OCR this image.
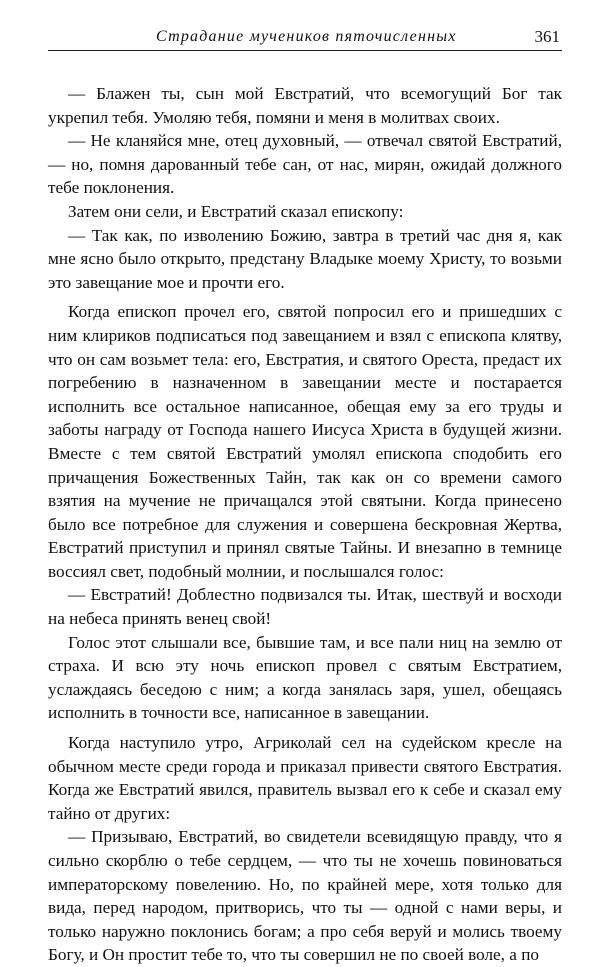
Страдание мучеников пяточисленных	361

— Блажен ты, сын мой Евстратий, что всемогущий Бог так укрепил тебя. Умоляю тебя, помяни и меня в молитвах своих.

— Не кланяйся мне, отец духовный, — отвечал святой Евстратий, — но, помня дарованный тебе сан, от нас, мирян, ожидай должного тебе поклонения.

Затем они сели, и Евстратий сказал епископу:

— Так как, по изволению Божию, завтра в третий час дня я, как мне ясно было открыто, предстану Владыке моему Христу, то возьми это завещание мое и прочти его.

Когда епископ прочел его, святой попросил его и пришедших с ним клириков подписаться под завещанием и взял с епископа клятву, что он сам возьмет тела: его, Евстратия, и святого Ореста, предаст их погребению в назначенном в завещании месте и постарается исполнить все остальное написанное, обещая ему за его труды и заботы награду от Господа нашего Иисуса Христа в будущей жизни. Вместе с тем святой Евстратий умолял епископа сподобить его причащения Божественных Тайн, так как он со времени самого взятия на мучение не причащался этой святыни. Когда принесено было все потребное для служения и совершена бескровная Жертва, Евстратий приступил и принял святые Тайны. И внезапно в темнице воссиял свет, подобный молнии, и послышался голос:

— Евстратий! Доблестно подвизался ты. Итак, шествуй и восходи на небеса принять венец свой!

Голос этот слышали все, бывшие там, и все пали ниц на землю от страха. И всю эту ночь епископ провел с святым Евстратием, услаждаясь беседою с ним; а когда занялась заря, ушел, обещаясь исполнить в точности все, написанное в завещании.

Когда наступило утро, Агриколай сел на судейском кресле на обычном месте среди города и приказал привести святого Евстратия. Когда же Евстратий явился, правитель вызвал его к себе и сказал ему тайно от других:

— Призываю, Евстратий, во свидетели всевидящую правду, что я сильно скорблю о тебе сердцем, — что ты не хочешь повиноваться императорскому повелению. Но, по крайней мере, хотя только для вида, перед народом, притворись, что ты — одной с нами веры, и только наружно поклонись богам; а про себя веруй и молись твоему Богу, и Он простит тебе то, что ты совершил не по своей воле, а по
